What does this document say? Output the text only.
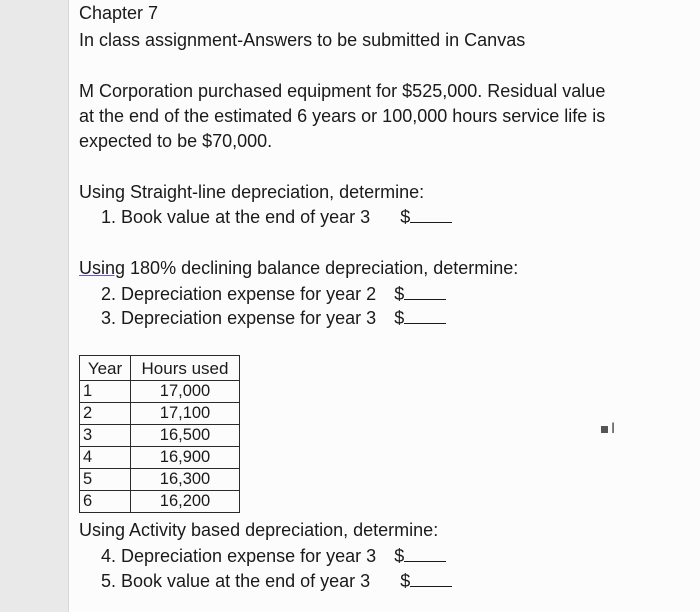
Chapter 7
In class assignment-Answers to be submitted in Canvas
M Corporation purchased equipment for $525,000. Residual value
at the end of the estimated 6 years or 100,000 hours service life is
expected to be $70,000.
Using Straight-line depreciation, determine:
1. Book value at the end of year 3 $
Using 180% declining balance depreciation, determine:
2. Depreciation expense for year 2 $
3. Depreciation expense for year 3 $
Year	Hours used
1	17,000
2	17,100
3	16,500
4	16,900
5	16,300
6	16,200
Using Activity based depreciation, determine:
4. Depreciation expense for year 3 $
5. Book value at the end of year 3 $
I
